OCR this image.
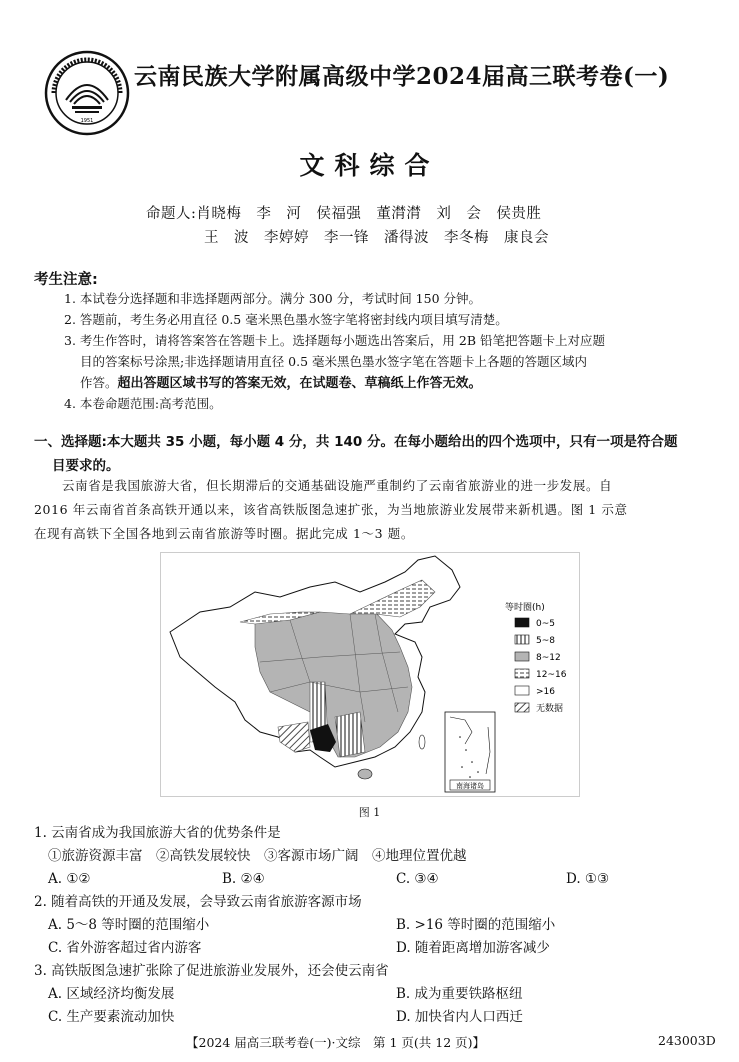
1951
云南民族大学附属高级中学2024届高三联考卷(一)
文科综合
命题人:肖晓梅　李　河　侯福强　董潸潸　刘　会　侯贵胜
王　波　李婷婷　李一锋　潘得波　李冬梅　康良会
考生注意:
1. 本试卷分选择题和非选择题两部分。满分 300 分，考试时间 150 分钟。
2. 答题前，考生务必用直径 0.5 毫米黑色墨水签字笔将密封线内项目填写清楚。
3. 考生作答时，请将答案答在答题卡上。选择题每小题选出答案后，用 2B 铅笔把答题卡上对应题
目的答案标号涂黑;非选择题请用直径 0.5 毫米黑色墨水签字笔在答题卡上各题的答题区域内
作答。超出答题区域书写的答案无效，在试题卷、草稿纸上作答无效。
4. 本卷命题范围:高考范围。
一、选择题:本大题共 35 小题，每小题 4 分，共 140 分。在每小题给出的四个选项中，只有一项是符合题
目要求的。
云南省是我国旅游大省，但长期滞后的交通基础设施严重制约了云南省旅游业的进一步发展。自
2016 年云南省首条高铁开通以来，该省高铁版图急速扩张，为当地旅游业发展带来新机遇。图 1 示意
在现有高铁下全国各地到云南省旅游等时圈。据此完成 1～3 题。
等时圈(h)
0~5
5~8
8~12
12~16
>16
无数据
南海诸岛
图 1
1. 云南省成为我国旅游大省的优势条件是
①旅游资源丰富　②高铁发展较快　③客源市场广阔　④地理位置优越
A. ①②	B. ②④	C. ③④	D. ①③
2. 随着高铁的开通及发展，会导致云南省旅游客源市场
A. 5～8 等时圈的范围缩小	B. >16 等时圈的范围缩小
C. 省外游客超过省内游客	D. 随着距离增加游客减少
3. 高铁版图急速扩张除了促进旅游业发展外，还会使云南省
A. 区域经济均衡发展	B. 成为重要铁路枢纽
C. 生产要素流动加快	D. 加快省内人口西迁
【2024 届高三联考卷(一)·文综　第 1 页(共 12 页)】	243003D
